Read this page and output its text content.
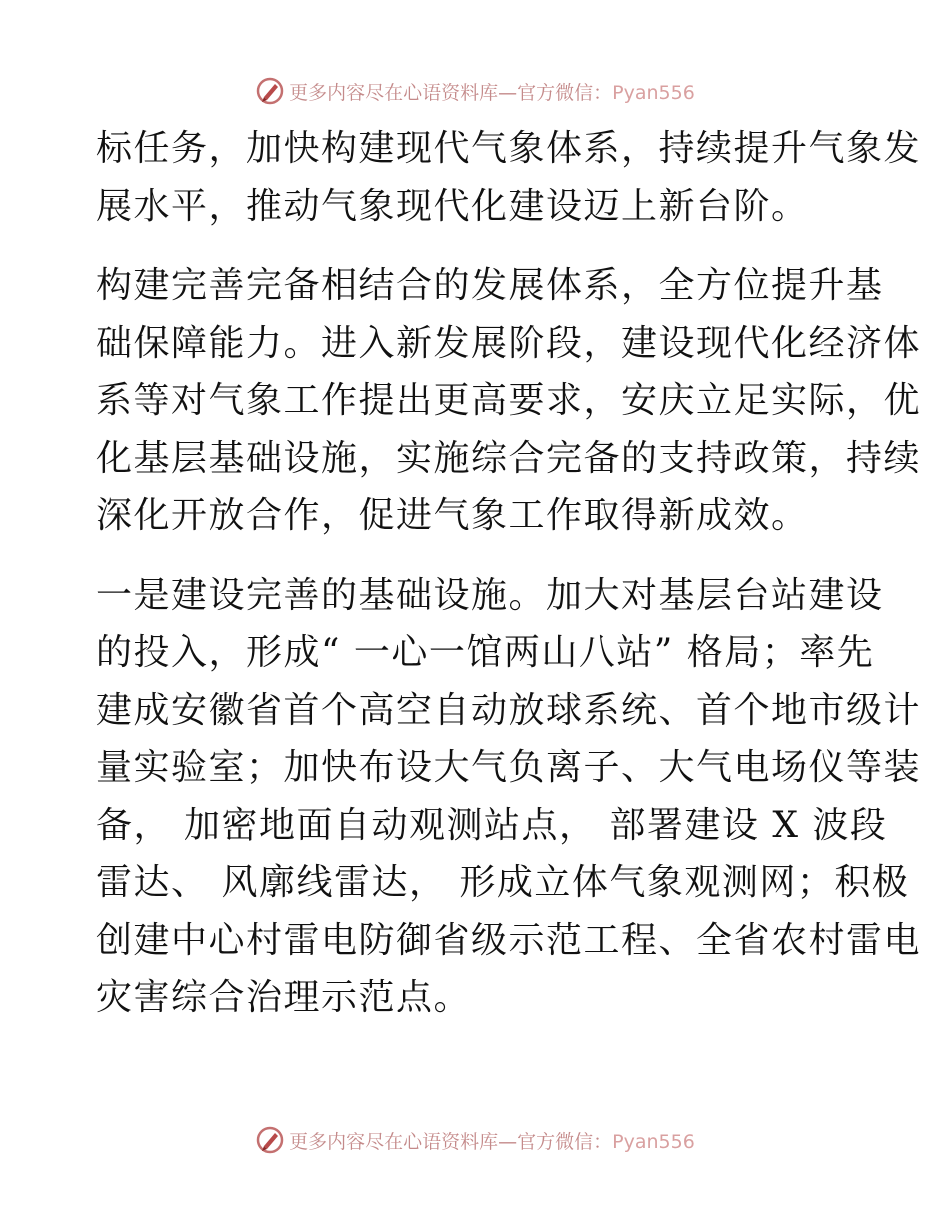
更多内容尽在心语资料库—官方微信：Pyan556

标任务，加快构建现代气象体系，持续提升气象发

展水平，推动气象现代化建设迈上新台阶。

构建完善完备相结合的发展体系，全方位提升基

础保障能力。进入新发展阶段，建设现代化经济体

系等对气象工作提出更高要求，安庆立足实际，优

化基层基础设施，实施综合完备的支持政策，持续

深化开放合作，促进气象工作取得新成效。

一是建设完善的基础设施。加大对基层台站建设

的投入，形成“ 一心一馆两山八站” 格局；率先

建成安徽省首个高空自动放球系统、首个地市级计

量实验室；加快布设大气负离子、大气电场仪等装

备， 加密地面自动观测站点， 部署建设 X 波段

雷达、 风廓线雷达， 形成立体气象观测网；积极

创建中心村雷电防御省级示范工程、全省农村雷电

灾害综合治理示范点。

更多内容尽在心语资料库—官方微信：Pyan556
